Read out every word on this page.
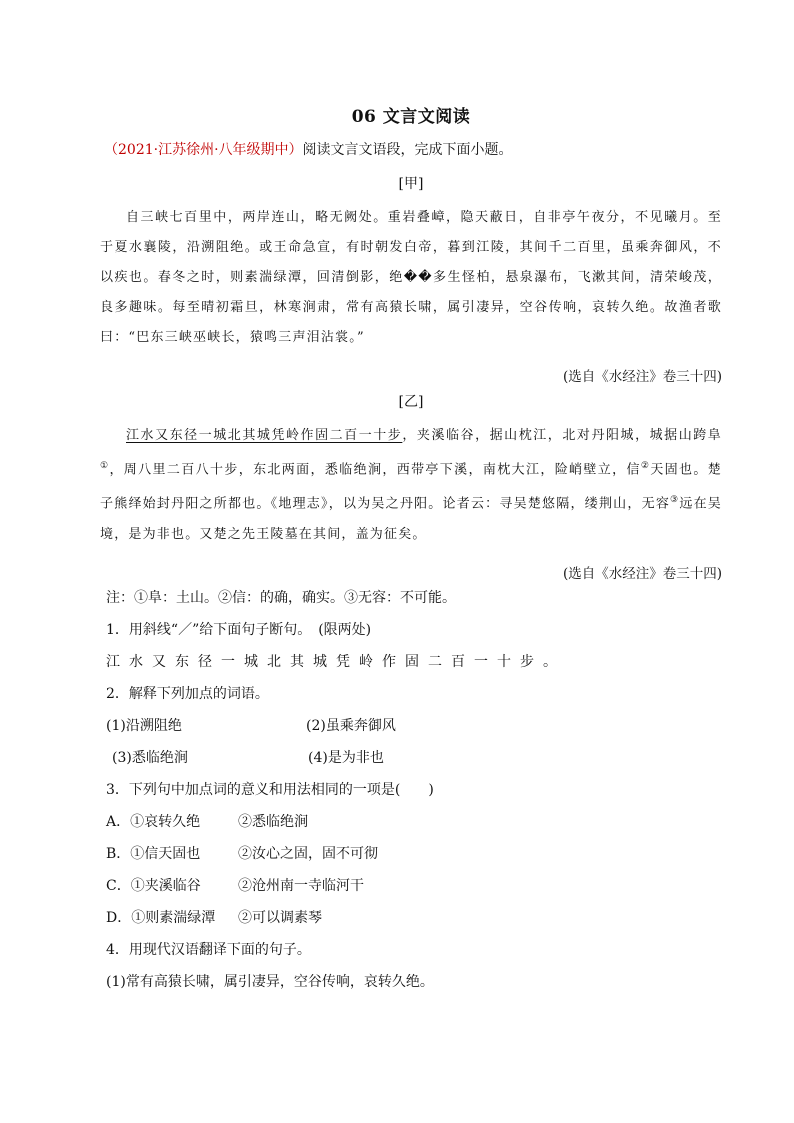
06 文言文阅读
（2021·江苏徐州·八年级期中）阅读文言文语段，完成下面小题。
[甲]

自三峡七百里中，两岸连山，略无阙处。重岩叠嶂，隐天蔽日，自非亭午夜分，不见曦月。至于夏水襄陵，沿溯阻绝。或王命急宣，有时朝发白帝，暮到江陵，其间千二百里，虽乘奔御风，不以疾也。春冬之时，则素湍绿潭，回清倒影，绝��多生怪柏，悬泉瀑布，飞漱其间，清荣峻茂，良多趣味。每至晴初霜旦，林寒涧肃，常有高猿长啸，属引凄异，空谷传响，哀转久绝。故渔者歌曰：“巴东三峡巫峡长，猿鸣三声泪沾裳。”

(选自《水经注》卷三十四)
[乙]

江水又东径一城北其城凭岭作固二百一十步，夹溪临谷，据山枕江，北对丹阳城，城据山跨阜①，周八里二百八十步，东北两面，悉临绝涧，西带亭下溪，南枕大江，险峭壁立，信②天固也。楚子熊绎始封丹阳之所都也。《地理志》，以为吴之丹阳。论者云：寻吴楚悠隔，缕荆山，无容③远在吴境，是为非也。又楚之先王陵墓在其间，盖为征矣。

(选自《水经注》卷三十四)

注：①阜：土山。②信：的确，确实。③无容：不可能。

1．用斜线“／”给下面句子断句。　(限两处)

江水又东径一城北其城凭岭作固二百一十步。

2．解释下列加点的词语。

(1)沿溯阻绝	(2)虽乘奔御风
(3)悉临绝涧	(4)是为非也

3．下列句中加点词的意义和用法相同的一项是(　　)

A．①哀转久绝	②悉临绝涧
B．①信天固也	②汝心之固，固不可彻
C．①夹溪临谷	②沧州南一寺临河干
D．①则素湍绿潭	②可以调素琴

4．用现代汉语翻译下面的句子。

(1)常有高猿长啸，属引凄异，空谷传响，哀转久绝。
